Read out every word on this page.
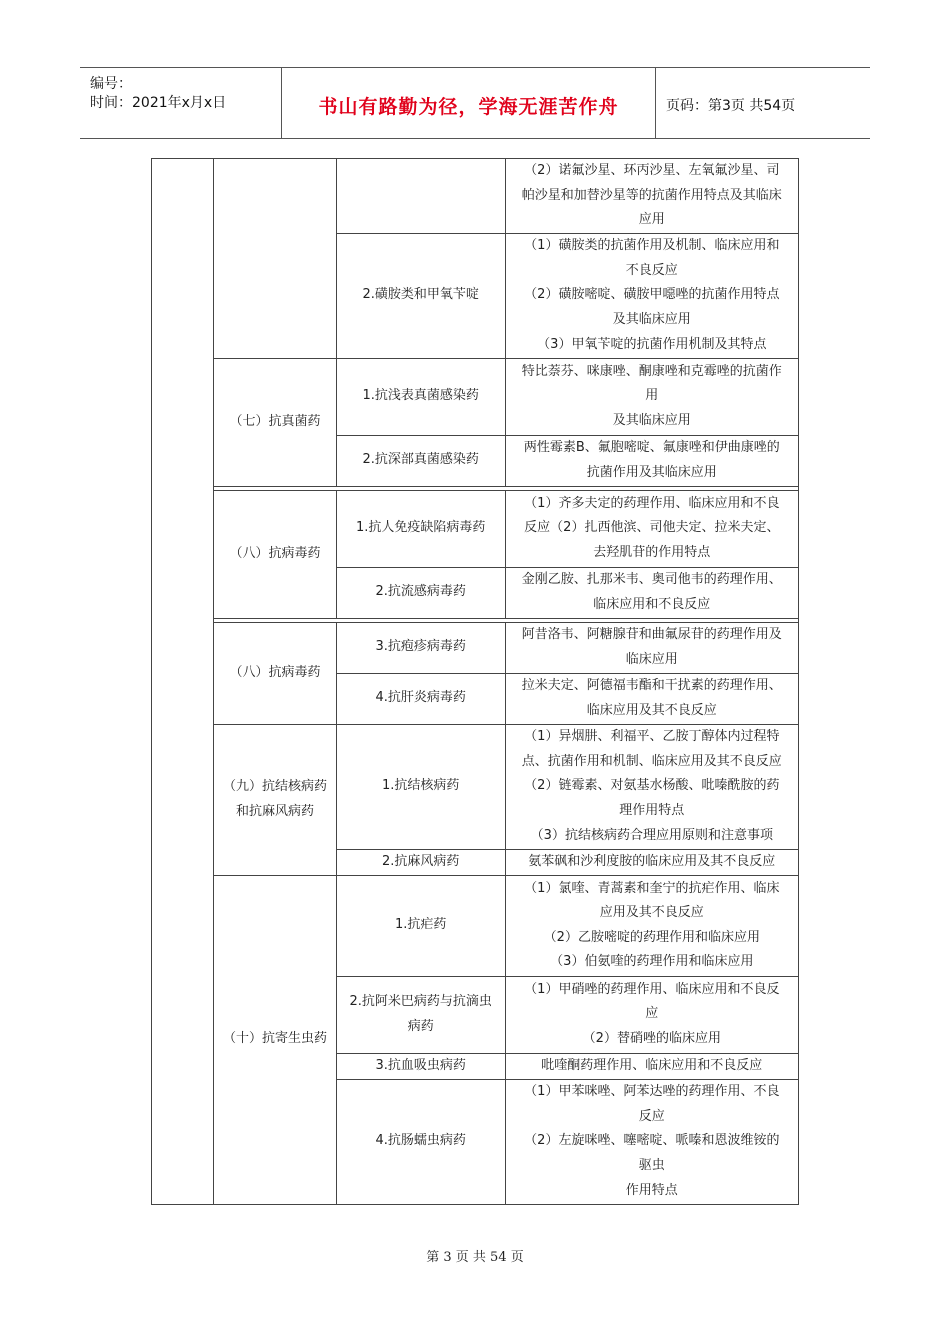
编号：
时间：2021年x月x日	书山有路勤为径，学海无涯苦作舟	页码：第3页 共54页
			（2）诺氟沙星、环丙沙星、左氧氟沙星、司
帕沙星和加替沙星等的抗菌作用特点及其临床
应用
		2.磺胺类和甲氧苄啶	（1）磺胺类的抗菌作用及机制、临床应用和
不良反应
（2）磺胺嘧啶、磺胺甲噁唑的抗菌作用特点
及其临床应用
（3）甲氧苄啶的抗菌作用机制及其特点
	（七）抗真菌药	1.抗浅表真菌感染药	特比萘芬、咪康唑、酮康唑和克霉唑的抗菌作
用
及其临床应用
		2.抗深部真菌感染药	两性霉素B、氟胞嘧啶、氟康唑和伊曲康唑的
抗菌作用及其临床应用

	（八）抗病毒药	1.抗人免疫缺陷病毒药	（1）齐多夫定的药理作用、临床应用和不良
反应（2）扎西他滨、司他夫定、拉米夫定、
去羟肌苷的作用特点
		2.抗流感病毒药	金刚乙胺、扎那米韦、奥司他韦的药理作用、
临床应用和不良反应

	（八）抗病毒药	3.抗疱疹病毒药	阿昔洛韦、阿糖腺苷和曲氟尿苷的药理作用及
临床应用
		4.抗肝炎病毒药	拉米夫定、阿德福韦酯和干扰素的药理作用、
临床应用及其不良反应
	（九）抗结核病药
和抗麻风病药	1.抗结核病药	（1）异烟肼、利福平、乙胺丁醇体内过程特
点、抗菌作用和机制、临床应用及其不良反应
（2）链霉素、对氨基水杨酸、吡嗪酰胺的药
理作用特点
（3）抗结核病药合理应用原则和注意事项
		2.抗麻风病药	氨苯砜和沙利度胺的临床应用及其不良反应
	（十）抗寄生虫药	1.抗疟药	（1）氯喹、青蒿素和奎宁的抗疟作用、临床
应用及其不良反应
（2）乙胺嘧啶的药理作用和临床应用
（3）伯氨喹的药理作用和临床应用
		2.抗阿米巴病药与抗滴虫
病药	（1）甲硝唑的药理作用、临床应用和不良反
应
（2）替硝唑的临床应用
		3.抗血吸虫病药	吡喹酮药理作用、临床应用和不良反应
		4.抗肠蠕虫病药	（1）甲苯咪唑、阿苯达唑的药理作用、不良
反应
（2）左旋咪唑、噻嘧啶、哌嗪和恩波维铵的
驱虫
作用特点
第 3 页 共 54 页
